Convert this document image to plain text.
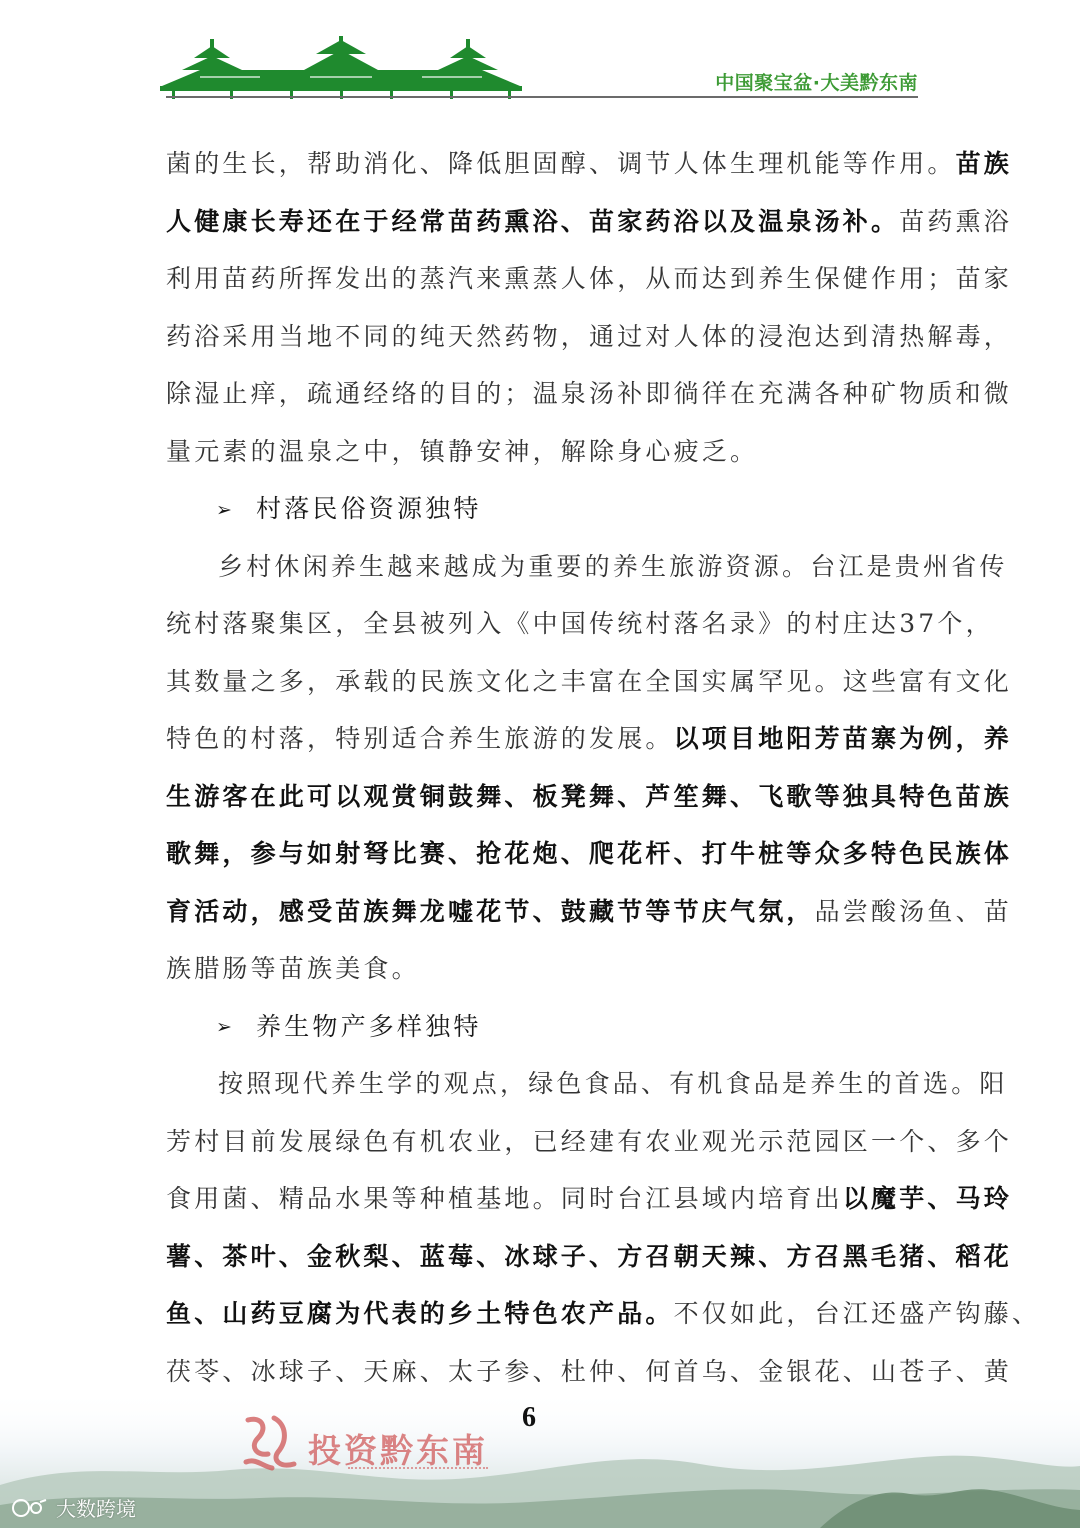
中国聚宝盆·大美黔东南
菌的生长，帮助消化、降低胆固醇、调节人体生理机能等作用。苗族
人健康长寿还在于经常苗药熏浴、苗家药浴以及温泉汤补。苗药熏浴
利用苗药所挥发出的蒸汽来熏蒸人体，从而达到养生保健作用；苗家
药浴采用当地不同的纯天然药物，通过对人体的浸泡达到清热解毒，
除湿止痒，疏通经络的目的；温泉汤补即徜徉在充满各种矿物质和微
量元素的温泉之中，镇静安神，解除身心疲乏。
➢ 村落民俗资源独特
乡村休闲养生越来越成为重要的养生旅游资源。台江是贵州省传
统村落聚集区，全县被列入《中国传统村落名录》的村庄达37个，
其数量之多，承载的民族文化之丰富在全国实属罕见。这些富有文化
特色的村落，特别适合养生旅游的发展。以项目地阳芳苗寨为例，养
生游客在此可以观赏铜鼓舞、板凳舞、芦笙舞、飞歌等独具特色苗族
歌舞，参与如射弩比赛、抢花炮、爬花杆、打牛桩等众多特色民族体
育活动，感受苗族舞龙嘘花节、鼓藏节等节庆气氛，品尝酸汤鱼、苗
族腊肠等苗族美食。
➢ 养生物产多样独特
按照现代养生学的观点，绿色食品、有机食品是养生的首选。阳
芳村目前发展绿色有机农业，已经建有农业观光示范园区一个、多个
食用菌、精品水果等种植基地。同时台江县域内培育出以魔芋、马玲
薯、茶叶、金秋梨、蓝莓、冰球子、方召朝天辣、方召黑毛猪、稻花
鱼、山药豆腐为代表的乡土特色农产品。不仅如此，台江还盛产钩藤、
茯苓、冰球子、天麻、太子参、杜仲、何首乌、金银花、山苍子、黄
6
投资黔东南
大数跨境
